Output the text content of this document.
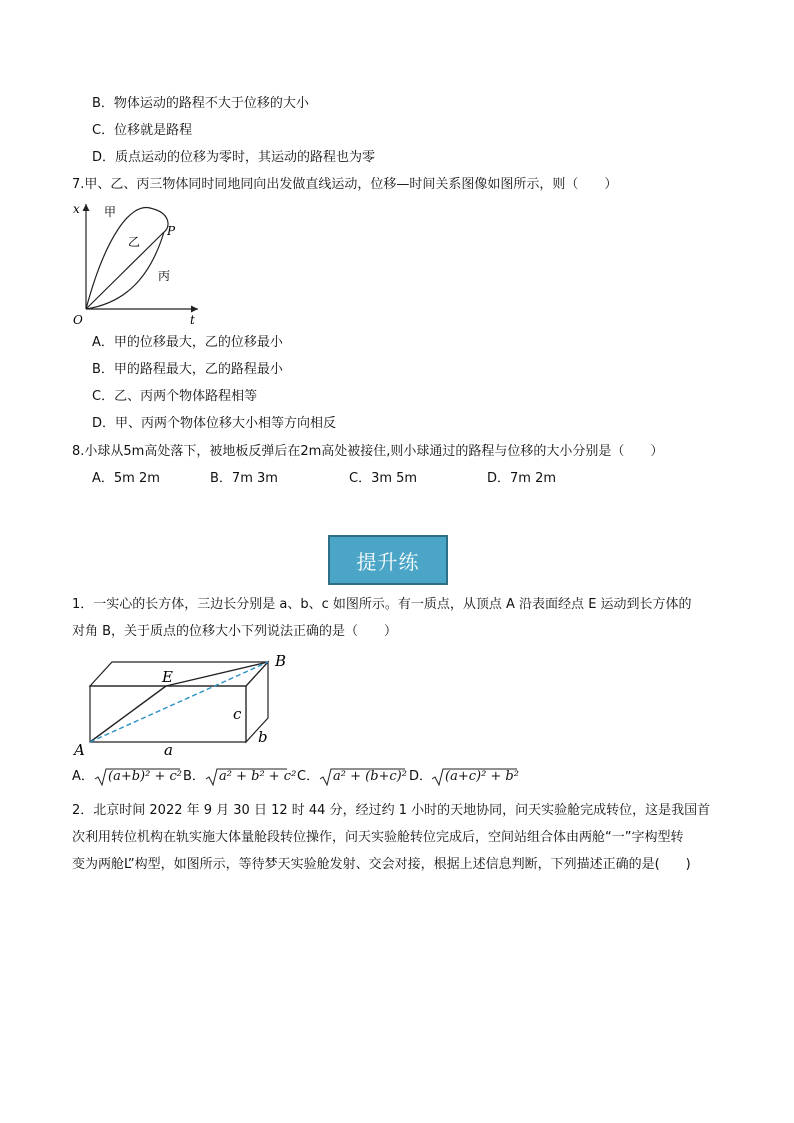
B．物体运动的路程不大于位移的大小
C．位移就是路程
D．质点运动的位移为零时，其运动的路程也为零
7.甲、乙、丙三物体同时同地同向出发做直线运动，位移—时间关系图像如图所示，则（　　）
x
t
O
P
甲
乙
丙
A．甲的位移最大，乙的位移最小
B．甲的路程最大，乙的路程最小
C．乙、丙两个物体路程相等
D．甲、丙两个物体位移大小相等方向相反
8.小球从5m高处落下，被地板反弹后在2m高处被接住,则小球通过的路程与位移的大小分别是（　　）
A．5m 2m	B．7m 3m	C．3m 5m	D．7m 2m
提升练
1．一实心的长方体，三边长分别是 a、b、c 如图所示。有一质点，从顶点 A 沿表面经点 E 运动到长方体的
对角 B，关于质点的位移大小下列说法正确的是（　　）
A
B
E
a
b
c
A． (a+b)² + c² B． a² + b² + c² C． a² + (b+c)² D． (a+c)² + b²
2．北京时间 2022 年 9 月 30 日 12 时 44 分，经过约 1 小时的天地协同，问天实验舱完成转位，这是我国首
次利用转位机构在轨实施大体量舱段转位操作，问天实验舱转位完成后，空间站组合体由两舱“一”字构型转
变为两舱L”构型，如图所示，等待梦天实验舱发射、交会对接，根据上述信息判断，下列描述正确的是(　　)
